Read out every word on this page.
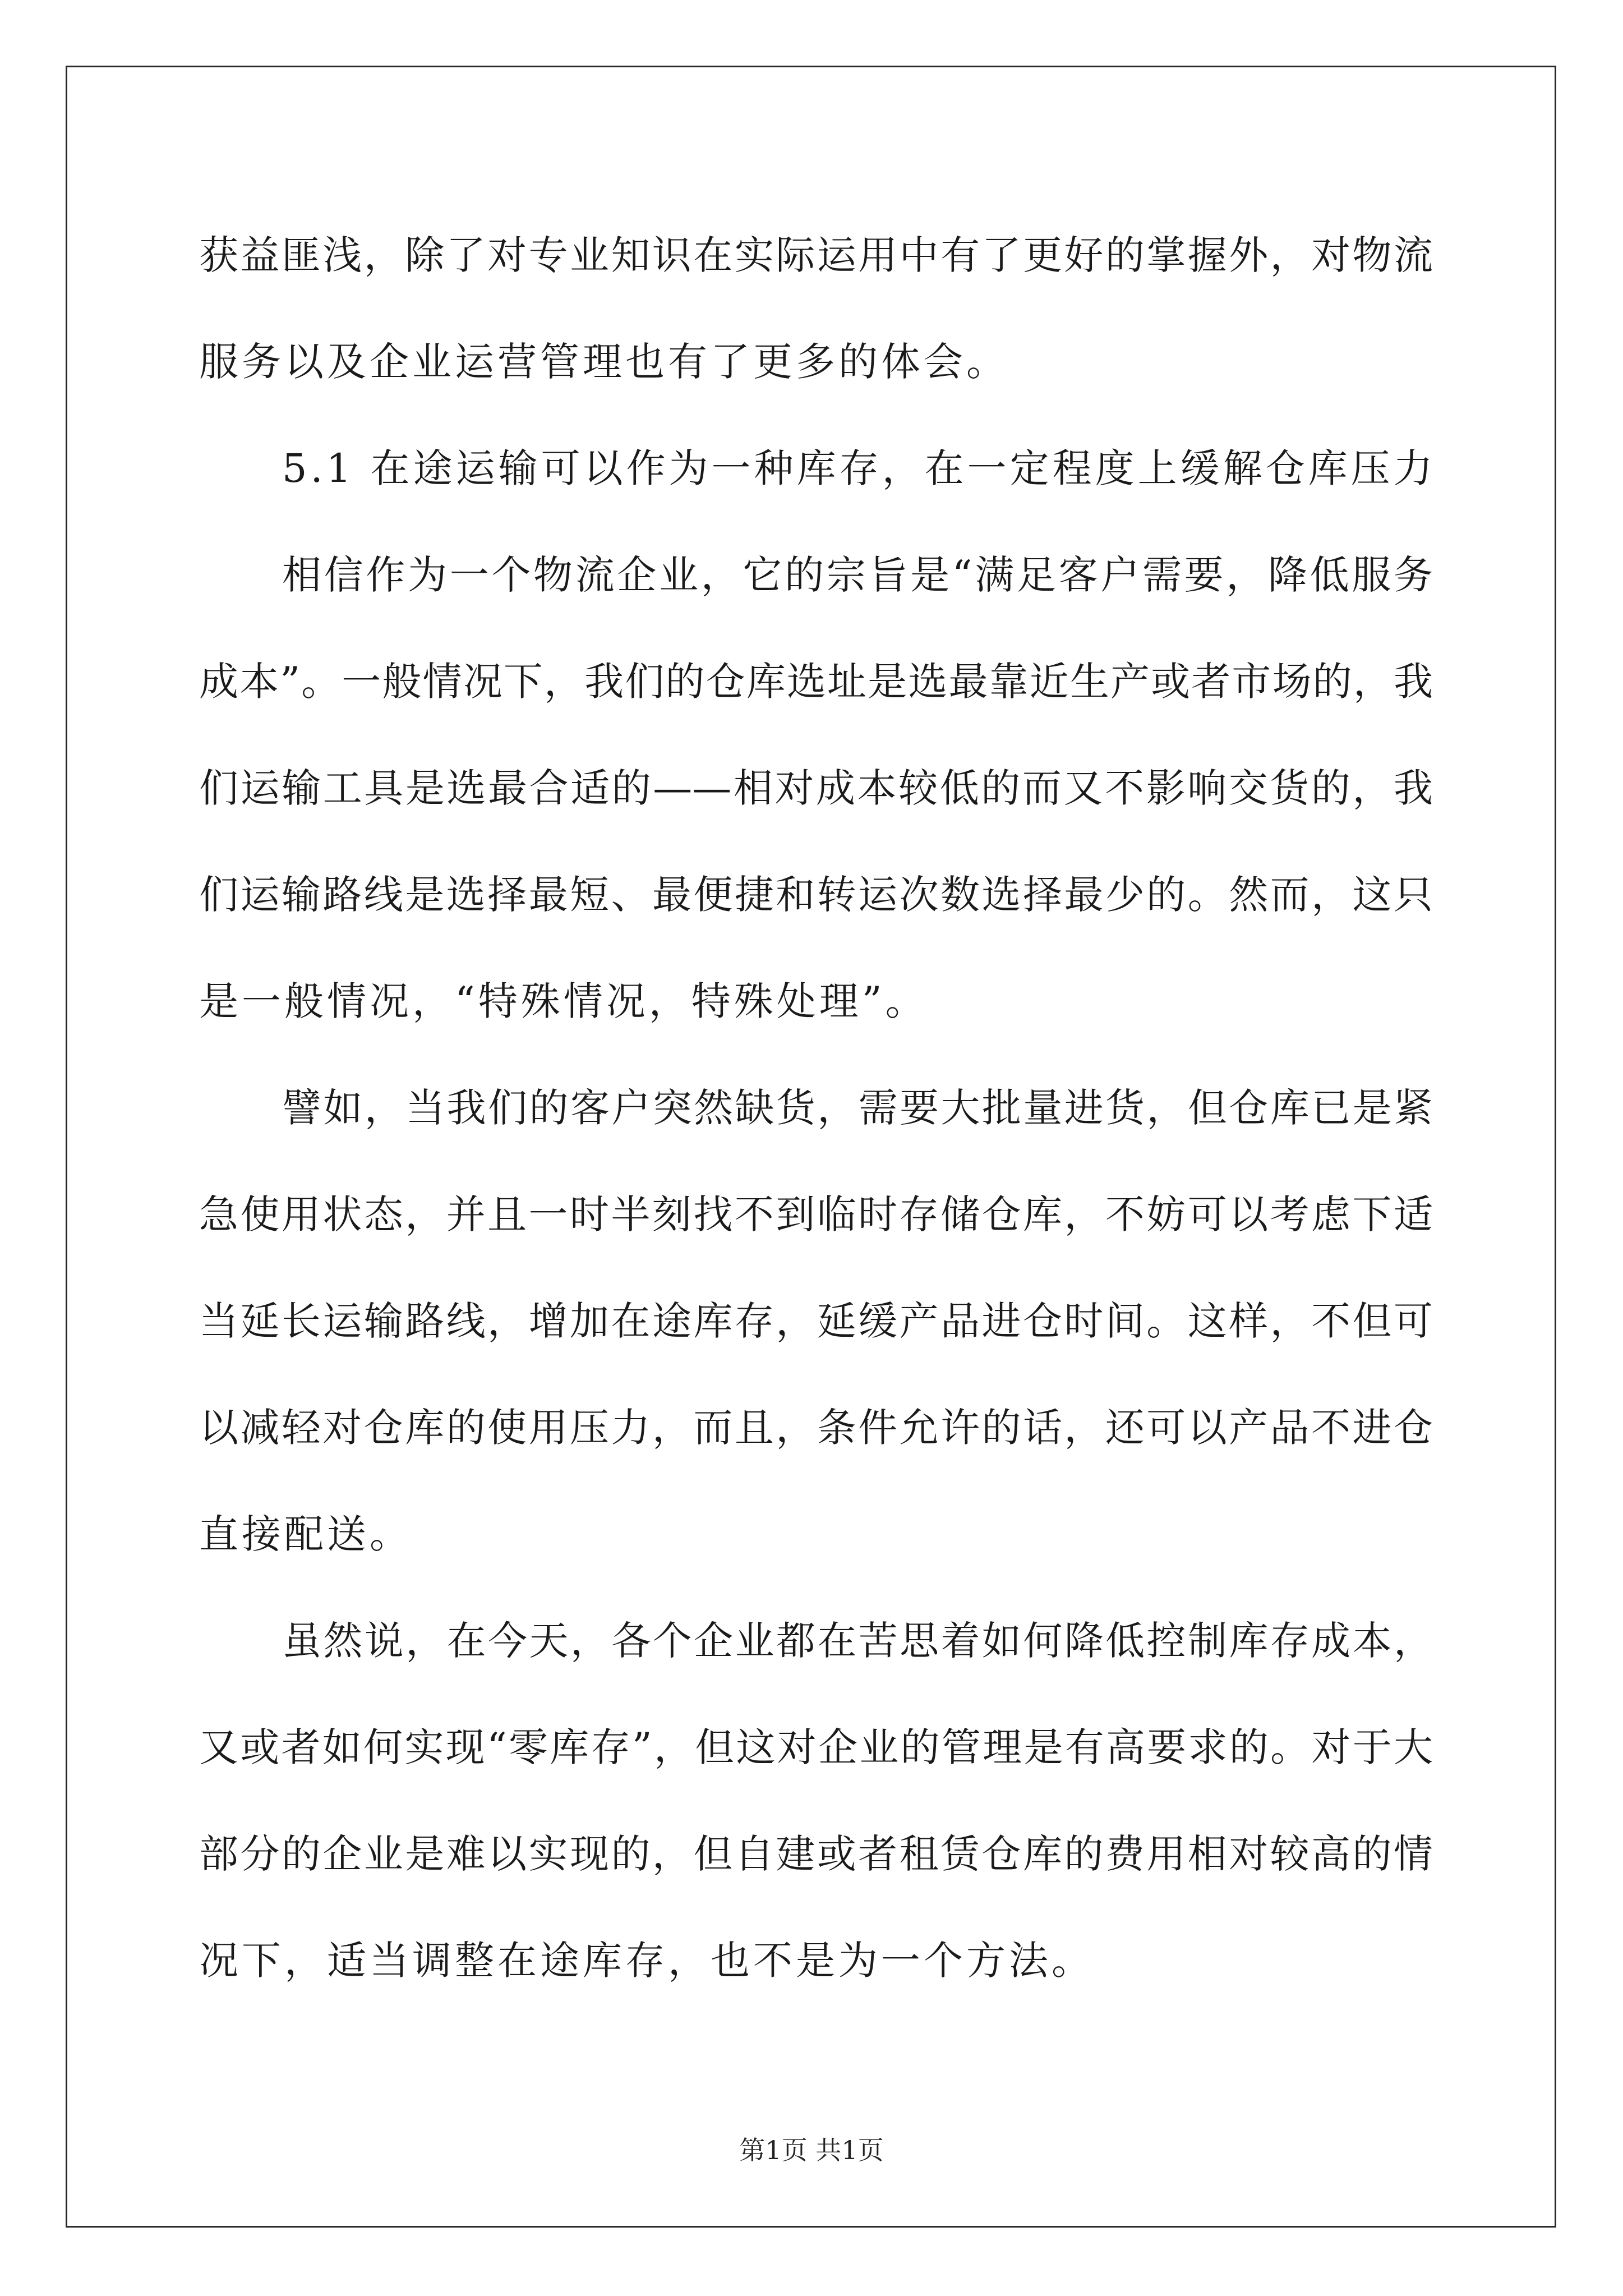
获益匪浅，除了对专业知识在实际运用中有了更好的掌握外，对物流
服务以及企业运营管理也有了更多的体会。
5.1 在途运输可以作为一种库存，在一定程度上缓解仓库压力
相信作为一个物流企业，它的宗旨是“满足客户需要，降低服务
成本”。一般情况下，我们的仓库选址是选最靠近生产或者市场的，我
们运输工具是选最合适的——相对成本较低的而又不影响交货的，我
们运输路线是选择最短、最便捷和转运次数选择最少的。然而，这只
是一般情况，“特殊情况，特殊处理”。
譬如，当我们的客户突然缺货，需要大批量进货，但仓库已是紧
急使用状态，并且一时半刻找不到临时存储仓库，不妨可以考虑下适
当延长运输路线，增加在途库存，延缓产品进仓时间。这样，不但可
以减轻对仓库的使用压力，而且，条件允许的话，还可以产品不进仓
直接配送。
虽然说，在今天，各个企业都在苦思着如何降低控制库存成本，
又或者如何实现“零库存”，但这对企业的管理是有高要求的。对于大
部分的企业是难以实现的，但自建或者租赁仓库的费用相对较高的情
况下，适当调整在途库存，也不是为一个方法。
第1页 共1页
